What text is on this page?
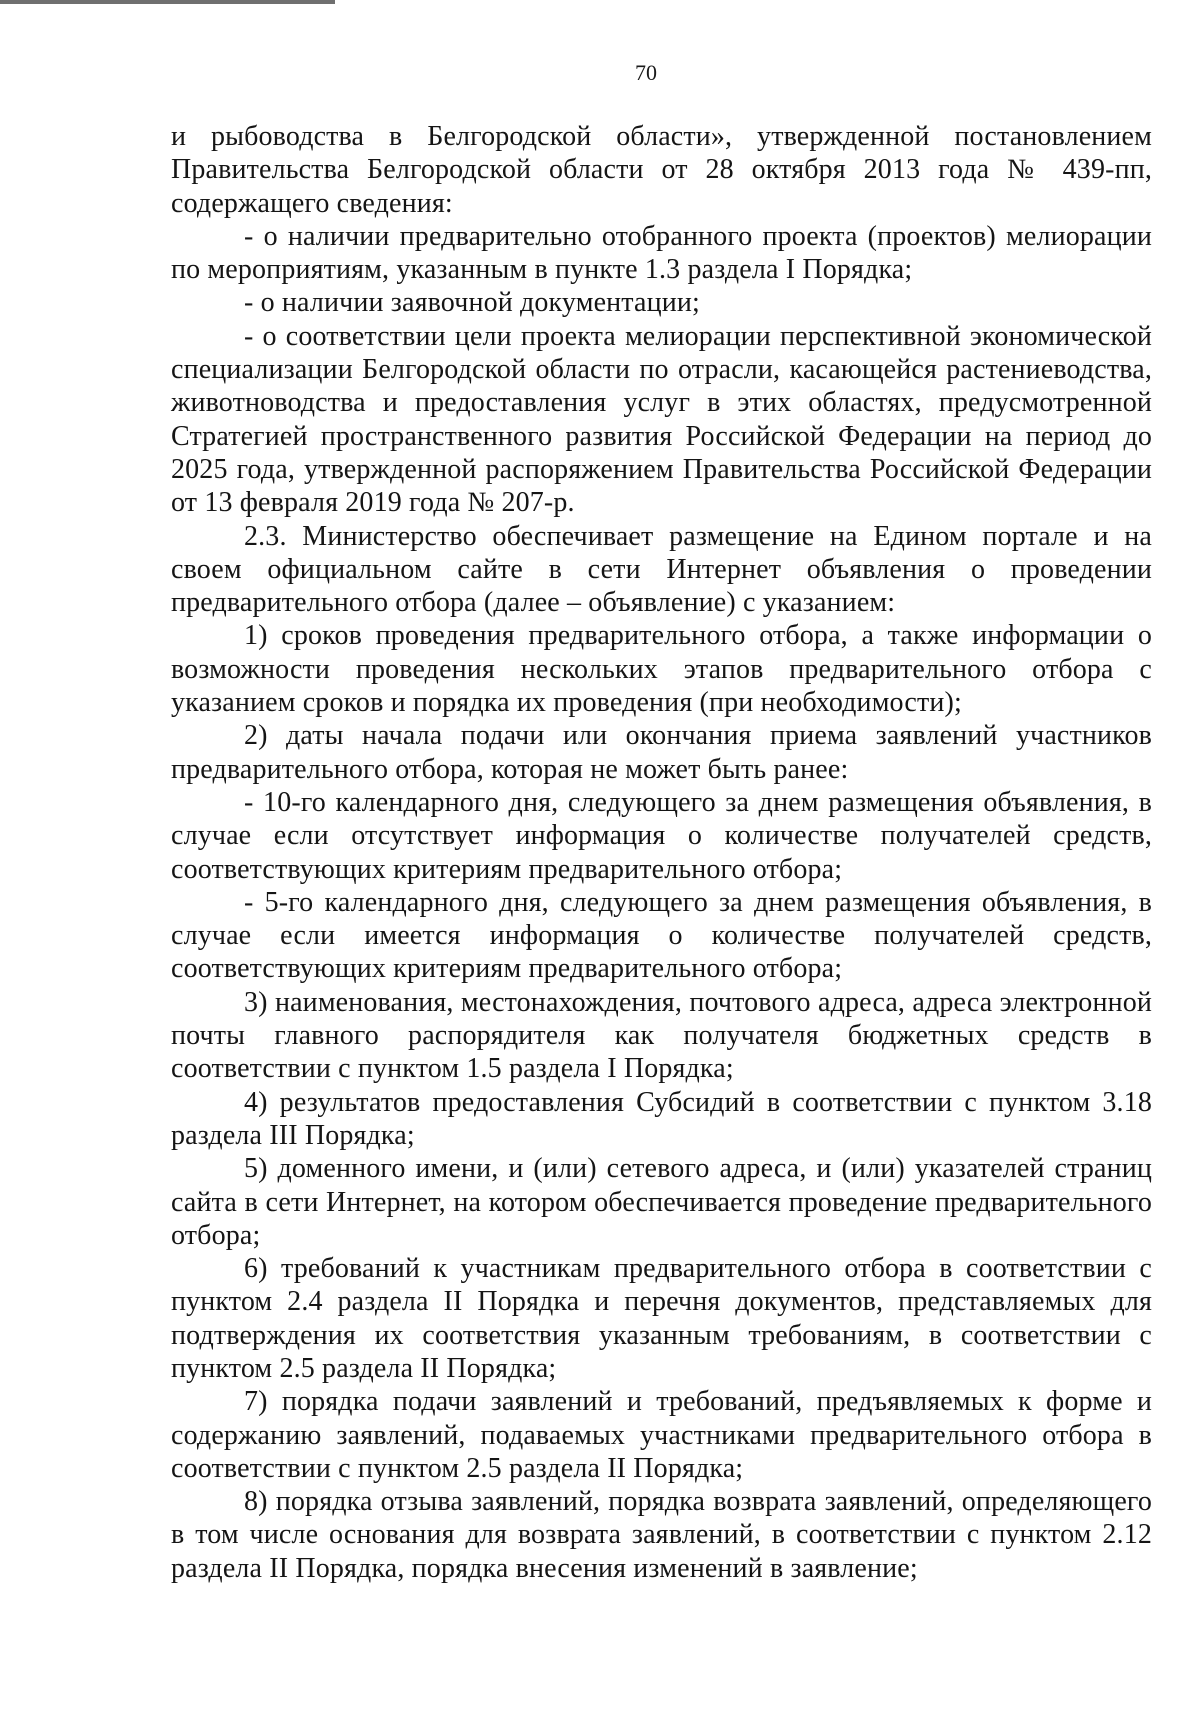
70

и рыбоводства в Белгородской области», утвержденной постановлением Правительства Белгородской области от 28 октября 2013 года № 439-пп, содержащего сведения:

- о наличии предварительно отобранного проекта (проектов) мелиорации по мероприятиям, указанным в пункте 1.3 раздела I Порядка;

- о наличии заявочной документации;

- о соответствии цели проекта мелиорации перспективной экономической специализации Белгородской области по отрасли, касающейся растениеводства, животноводства и предоставления услуг в этих областях, предусмотренной Стратегией пространственного развития Российской Федерации на период до 2025 года, утвержденной распоряжением Правительства Российской Федерации от 13 февраля 2019 года № 207-р.

2.3. Министерство обеспечивает размещение на Едином портале и на своем официальном сайте в сети Интернет объявления о проведении предварительного отбора (далее – объявление) с указанием:

1) сроков проведения предварительного отбора, а также информации о возможности проведения нескольких этапов предварительного отбора с указанием сроков и порядка их проведения (при необходимости);

2) даты начала подачи или окончания приема заявлений участников предварительного отбора, которая не может быть ранее:

- 10-го календарного дня, следующего за днем размещения объявления, в случае если отсутствует информация о количестве получателей средств, соответствующих критериям предварительного отбора;

- 5-го календарного дня, следующего за днем размещения объявления, в случае если имеется информация о количестве получателей средств, соответствующих критериям предварительного отбора;

3) наименования, местонахождения, почтового адреса, адреса электронной почты главного распорядителя как получателя бюджетных средств в соответствии с пунктом 1.5 раздела I Порядка;

4) результатов предоставления Субсидий в соответствии с пунктом 3.18 раздела III Порядка;

5) доменного имени, и (или) сетевого адреса, и (или) указателей страниц сайта в сети Интернет, на котором обеспечивается проведение предварительного отбора;

6) требований к участникам предварительного отбора в соответствии с пунктом 2.4 раздела II Порядка и перечня документов, представляемых для подтверждения их соответствия указанным требованиям, в соответствии с пунктом 2.5 раздела II Порядка;

7) порядка подачи заявлений и требований, предъявляемых к форме и содержанию заявлений, подаваемых участниками предварительного отбора в соответствии с пунктом 2.5 раздела II Порядка;

8) порядка отзыва заявлений, порядка возврата заявлений, определяющего в том числе основания для возврата заявлений, в соответствии с пунктом 2.12 раздела II Порядка, порядка внесения изменений в заявление;
